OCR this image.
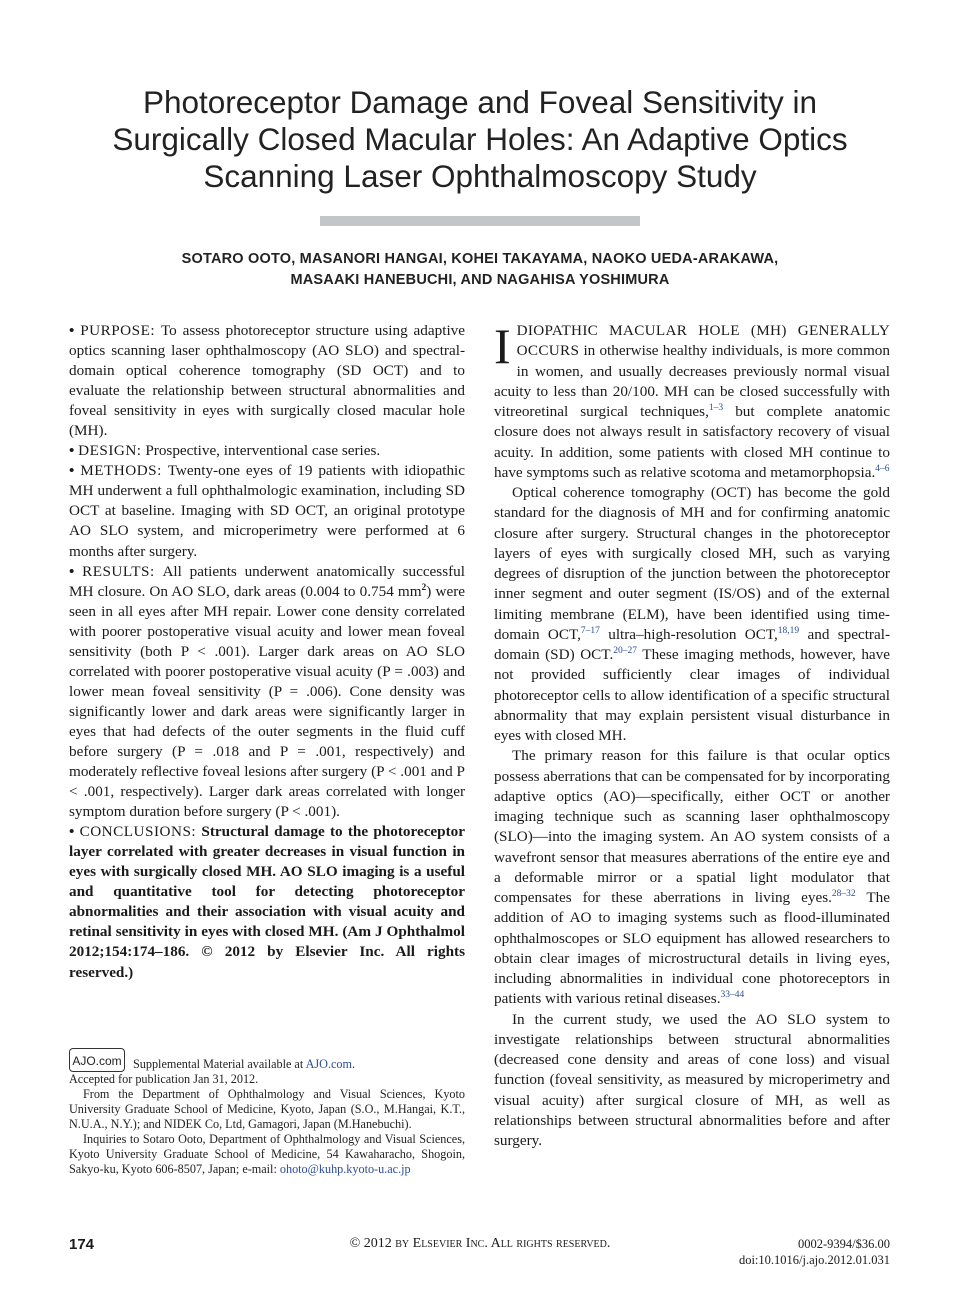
Photoreceptor Damage and Foveal Sensitivity in
Surgically Closed Macular Holes: An Adaptive Optics
Scanning Laser Ophthalmoscopy Study
SOTARO OOTO, MASANORI HANGAI, KOHEI TAKAYAMA, NAOKO UEDA-ARAKAWA,
MASAAKI HANEBUCHI, AND NAGAHISA YOSHIMURA

• PURPOSE: To assess photoreceptor structure using adaptive optics scanning laser ophthalmoscopy (AO SLO) and spectral-domain optical coherence tomography (SD OCT) and to evaluate the relationship between structural abnormalities and foveal sensitivity in eyes with surgically closed macular hole (MH).

• DESIGN: Prospective, interventional case series.

• METHODS: Twenty-one eyes of 19 patients with idiopathic MH underwent a full ophthalmologic examination, including SD OCT at baseline. Imaging with SD OCT, an original prototype AO SLO system, and microperimetry were performed at 6 months after surgery.

• RESULTS: All patients underwent anatomically successful MH closure. On AO SLO, dark areas (0.004 to 0.754 $mm^2$) were seen in all eyes after MH repair. Lower cone density correlated with poorer postoperative visual acuity and lower mean foveal sensitivity (both P < .001). Larger dark areas on AO SLO correlated with poorer postoperative visual acuity (P = .003) and lower mean foveal sensitivity (P = .006). Cone density was significantly lower and dark areas were significantly larger in eyes that had defects of the outer segments in the fluid cuff before surgery (P = .018 and P = .001, respectively) and moderately reflective foveal lesions after surgery (P < .001 and P < .001, respectively). Larger dark areas correlated with longer symptom duration before surgery (P < .001).

• CONCLUSIONS: Structural damage to the photoreceptor layer correlated with greater decreases in visual function in eyes with surgically closed MH. AO SLO imaging is a useful and quantitative tool for detecting photoreceptor abnormalities and their association with visual acuity and retinal sensitivity in eyes with closed MH. (Am J Ophthalmol 2012;154:174–186. © 2012 by Elsevier Inc. All rights reserved.)

AJO.com Supplemental Material available at AJO.com.

Accepted for publication Jan 31, 2012.

From the Department of Ophthalmology and Visual Sciences, Kyoto University Graduate School of Medicine, Kyoto, Japan (S.O., M.Hangai, K.T., N.U.A., N.Y.); and NIDEK Co, Ltd, Gamagori, Japan (M.Hanebuchi).

Inquiries to Sotaro Ooto, Department of Ophthalmology and Visual Sciences, Kyoto University Graduate School of Medicine, 54 Kawaharacho, Shogoin, Sakyo-ku, Kyoto 606-8507, Japan; e-mail: ohoto@kuhp.kyoto-u.ac.jp

I DIOPATHIC MACULAR HOLE (MH) GENERALLY OCCURS in otherwise healthy individuals, is more common in women, and usually decreases previously normal visual acuity to less than 20/100. MH can be closed successfully with vitreoretinal surgical techniques,$^{1-3}$ but complete anatomic closure does not always result in satisfactory recovery of visual acuity. In addition, some patients with closed MH continue to have symptoms such as relative scotoma and metamorphopsia.$^{4-6}$

Optical coherence tomography (OCT) has become the gold standard for the diagnosis of MH and for confirming anatomic closure after surgery. Structural changes in the photoreceptor layers of eyes with surgically closed MH, such as varying degrees of disruption of the junction between the photoreceptor inner segment and outer segment (IS/OS) and of the external limiting membrane (ELM), have been identified using time-domain OCT,$^{7-17}$ ultra–high-resolution OCT,$^{18,19}$ and spectral-domain (SD) OCT.$^{20-27}$ These imaging methods, however, have not provided sufficiently clear images of individual photoreceptor cells to allow identification of a specific structural abnormality that may explain persistent visual disturbance in eyes with closed MH.

The primary reason for this failure is that ocular optics possess aberrations that can be compensated for by incorporating adaptive optics (AO)—specifically, either OCT or another imaging technique such as scanning laser ophthalmoscopy (SLO)—into the imaging system. An AO system consists of a wavefront sensor that measures aberrations of the entire eye and a deformable mirror or a spatial light modulator that compensates for these aberrations in living eyes.$^{28-32}$ The addition of AO to imaging systems such as flood-illuminated ophthalmoscopes or SLO equipment has allowed researchers to obtain clear images of microstructural details in living eyes, including abnormalities in individual cone photoreceptors in patients with various retinal diseases.$^{33-44}$

In the current study, we used the AO SLO system to investigate relationships between structural abnormalities (decreased cone density and areas of cone loss) and visual function (foveal sensitivity, as measured by microperimetry and visual acuity) after surgical closure of MH, as well as relationships between structural abnormalities before and after surgery.

174	© 2012 by Elsevier Inc. All rights reserved.	0002-9394/$36.00
doi:10.1016/j.ajo.2012.01.031
